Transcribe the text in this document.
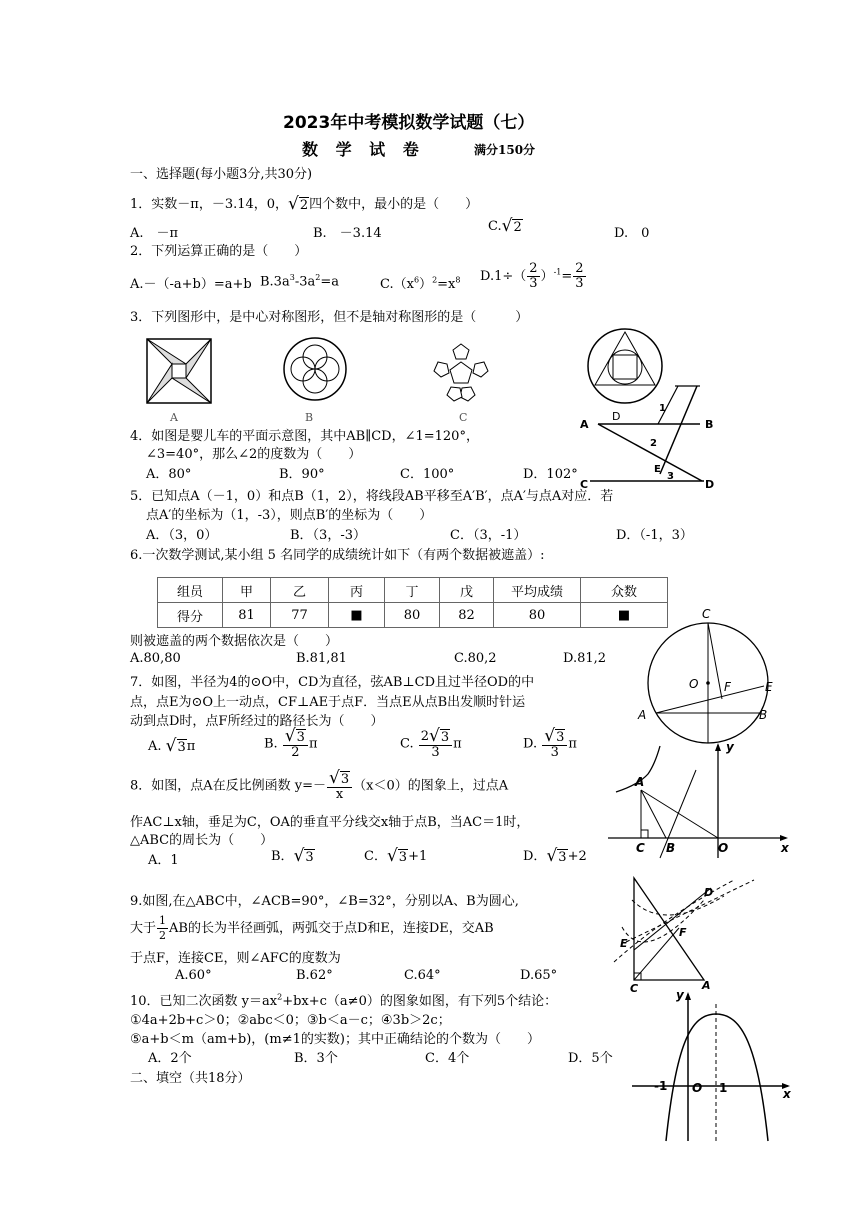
2023年中考模拟数学试题（七）
数 学 试 卷	满分150分
一、选择题(每小题3分,共30分)
1．实数－π，－3.14，0，√2四个数中，最小的是（　　）
A.　－π	B.　－3.14	C.√2	D.　0
2．下列运算正确的是（　　）
A.－（-a+b）=a+b $B.3a^3-3a^2=a$	$C.(x^6)^2=x^8$ $D.1\div( \frac{2}{3} )^{-1}= \frac{2}{3}$
3．下列图形中，是中心对称图形，但不是轴对称图形的是（　　　）
A	B	C
4．如图是婴儿车的平面示意图，其中AB∥CD，∠1=120°，
∠3=40°，那么∠2的度数为（　　）
A．80°	B．90°	C．100°	D．102°
A	B
D
1
2
E
3
C	D
5．已知点A（－1，0）和点B（1，2），将线段AB平移至A′B′，点A′与点A对应．若
点A′的坐标为（1，-3），则点B′的坐标为（　　）
A．（3，0）	B．（3，-3）	C．（3，-1）	D．（-1，3）
6.一次数学测试,某小组 5 名同学的成绩统计如下（有两个数据被遮盖）:
组员	甲	乙	丙	丁	戊	平均成绩	众数
得分	81	77	■	80	82	80	■
则被遮盖的两个数据依次是（　　）
A.80,80	B.81,81	C.80,2	D.81,2
7．如图，半径为4的⊙O中，CD为直径，弦AB⊥CD且过半径OD的中
点，点E为⊙O上一动点，CF⊥AE于点F．当点E从点B出发顺时针运
动到点D时，点F所经过的路径长为（　　）
A. √3π	B. $\frac{√3}{2}$ π	C. $\frac{2√3}{3}$ π	D. $\frac{√3}{3}$ π
C
O F	E
A	B
8．如图，点A在反比例函数 $y=- \frac{√3}{x} (x<0)$的图象上，过点A
作AC⊥x轴，垂足为C，OA的垂直平分线交x轴于点B，当AC＝1时，
△ABC的周长为（　　）
A．1	B．√3	C．√3+1	D．√3+2
A
y
C B	O	x
9.如图,在△ABC中，∠ACB=90°，∠B=32°，分别以A、B为圆心,
大于 $\frac{1}{2}$ AB的长为半径画弧，两弧交于点D和E，连接DE，交AB
于点F，连接CE，则∠AFC的度数为
A.60°	B.62°	C.64°	D.65°
D
E
F
C	A
10．已知二次函数 $y=ax^2+bx+c(a\ne 0)$的图象如图，有下列5个结论：
①4a+2b+c＞0；②abc＜0；③b＜a－c；④3b＞2c；
⑤a+b＜m（am+b)，(m≠1的实数)；其中正确结论的个数为（　　）
A．2个	B．3个	C．4个	D．5个
y
-1 O 1	x
二、填空（共18分）
